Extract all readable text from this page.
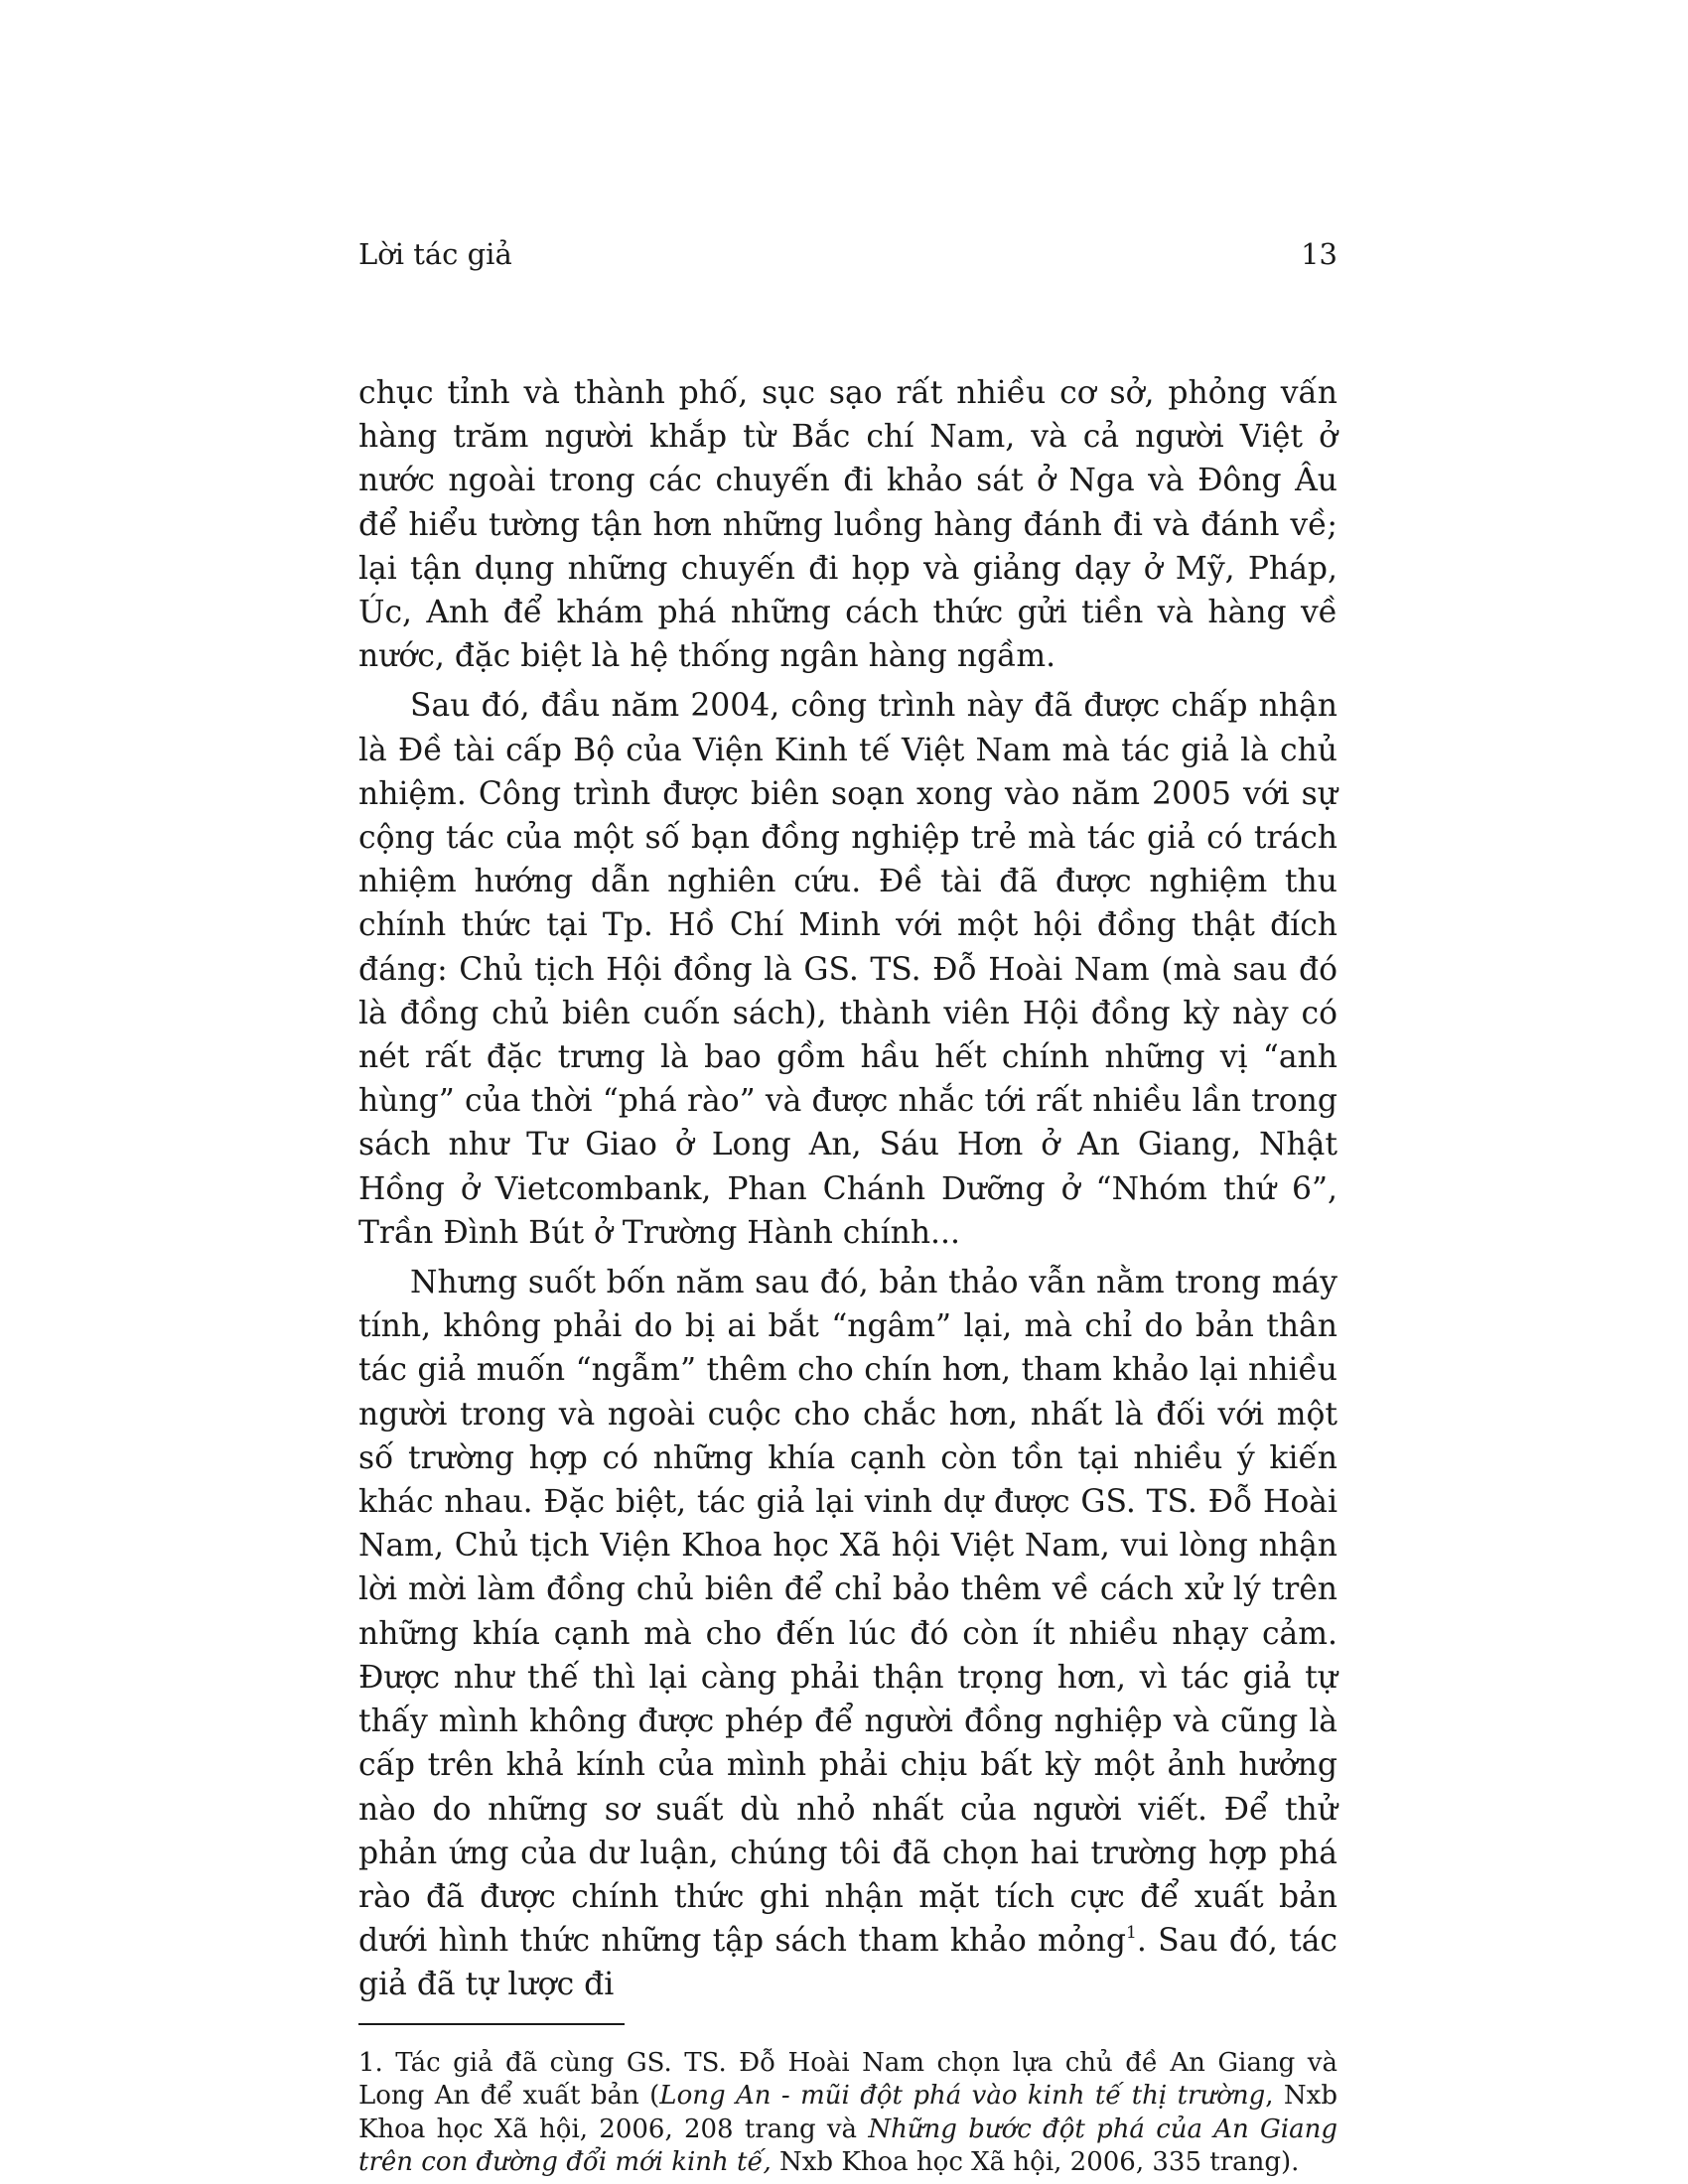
Lời tác giả	13

chục tỉnh và thành phố, sục sạo rất nhiều cơ sở, phỏng vấn hàng trăm người khắp từ Bắc chí Nam, và cả người Việt ở nước ngoài trong các chuyến đi khảo sát ở Nga và Đông Âu để hiểu tường tận hơn những luồng hàng đánh đi và đánh về; lại tận dụng những chuyến đi họp và giảng dạy ở Mỹ, Pháp, Úc, Anh để khám phá những cách thức gửi tiền và hàng về nước, đặc biệt là hệ thống ngân hàng ngầm.

Sau đó, đầu năm 2004, công trình này đã được chấp nhận là Đề tài cấp Bộ của Viện Kinh tế Việt Nam mà tác giả là chủ nhiệm. Công trình được biên soạn xong vào năm 2005 với sự cộng tác của một số bạn đồng nghiệp trẻ mà tác giả có trách nhiệm hướng dẫn nghiên cứu. Đề tài đã được nghiệm thu chính thức tại Tp. Hồ Chí Minh với một hội đồng thật đích đáng: Chủ tịch Hội đồng là GS. TS. Đỗ Hoài Nam (mà sau đó là đồng chủ biên cuốn sách), thành viên Hội đồng kỳ này có nét rất đặc trưng là bao gồm hầu hết chính những vị “anh hùng” của thời “phá rào” và được nhắc tới rất nhiều lần trong sách như Tư Giao ở Long An, Sáu Hơn ở An Giang, Nhật Hồng ở Vietcombank, Phan Chánh Dưỡng ở “Nhóm thứ 6”, Trần Đình Bút ở Trường Hành chính...

Nhưng suốt bốn năm sau đó, bản thảo vẫn nằm trong máy tính, không phải do bị ai bắt “ngâm” lại, mà chỉ do bản thân tác giả muốn “ngẫm” thêm cho chín hơn, tham khảo lại nhiều người trong và ngoài cuộc cho chắc hơn, nhất là đối với một số trường hợp có những khía cạnh còn tồn tại nhiều ý kiến khác nhau. Đặc biệt, tác giả lại vinh dự được GS. TS. Đỗ Hoài Nam, Chủ tịch Viện Khoa học Xã hội Việt Nam, vui lòng nhận lời mời làm đồng chủ biên để chỉ bảo thêm về cách xử lý trên những khía cạnh mà cho đến lúc đó còn ít nhiều nhạy cảm. Được như thế thì lại càng phải thận trọng hơn, vì tác giả tự thấy mình không được phép để người đồng nghiệp và cũng là cấp trên khả kính của mình phải chịu bất kỳ một ảnh hưởng nào do những sơ suất dù nhỏ nhất của người viết. Để thử phản ứng của dư luận, chúng tôi đã chọn hai trường hợp phá rào đã được chính thức ghi nhận mặt tích cực để xuất bản dưới hình thức những tập sách tham khảo mỏng$^1$. Sau đó, tác giả đã tự lược đi

1. Tác giả đã cùng GS. TS. Đỗ Hoài Nam chọn lựa chủ đề An Giang và Long An để xuất bản (Long An - mũi đột phá vào kinh tế thị trường, Nxb Khoa học Xã hội, 2006, 208 trang và Những bước đột phá của An Giang trên con đường đổi mới kinh tế, Nxb Khoa học Xã hội, 2006, 335 trang).
